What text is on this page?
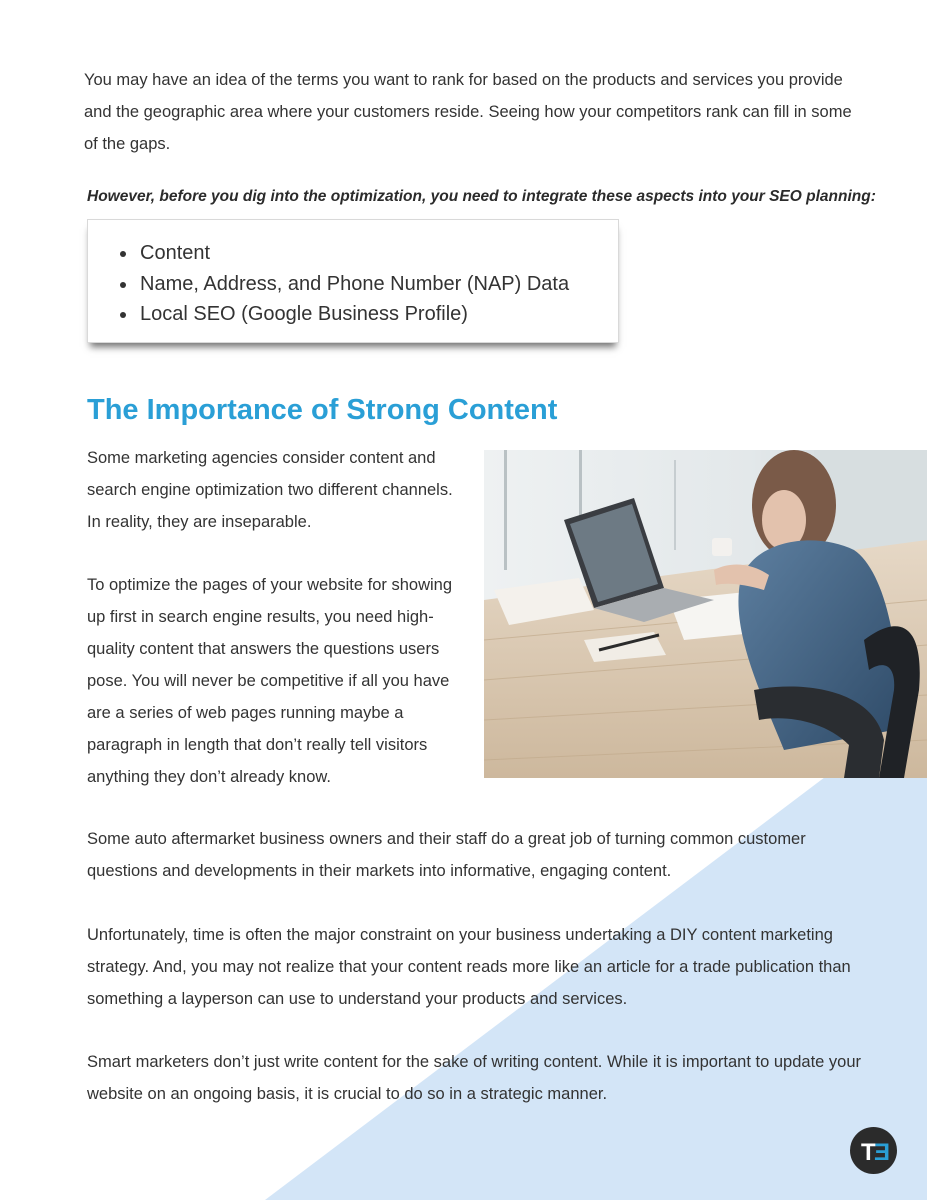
You may have an idea of the terms you want to rank for based on the products and services you provide and the geographic area where your customers reside. Seeing how your competitors rank can fill in some of the gaps.

However, before you dig into the optimization, you need to integrate these aspects into your SEO planning:

• Content
• Name, Address, and Phone Number (NAP) Data
• Local SEO (Google Business Profile)
The Importance of Strong Content

Some marketing agencies consider content and search engine optimization two different channels. In reality, they are inseparable.

To optimize the pages of your website for showing up first in search engine results, you need high-quality content that answers the questions users pose. You will never be competitive if all you have are a series of web pages running maybe a paragraph in length that don’t really tell visitors anything they don’t already know.

Some auto aftermarket business owners and their staff do a great job of turning common customer questions and developments in their markets into informative, engaging content.

Unfortunately, time is often the major constraint on your business undertaking a DIY content marketing strategy. And, you may not realize that your content reads more like an article for a trade publication than something a layperson can use to understand your products and services.

Smart marketers don’t just write content for the sake of writing content. While it is important to update your website on an ongoing basis, it is crucial to do so in a strategic manner.

T
Ǝ
